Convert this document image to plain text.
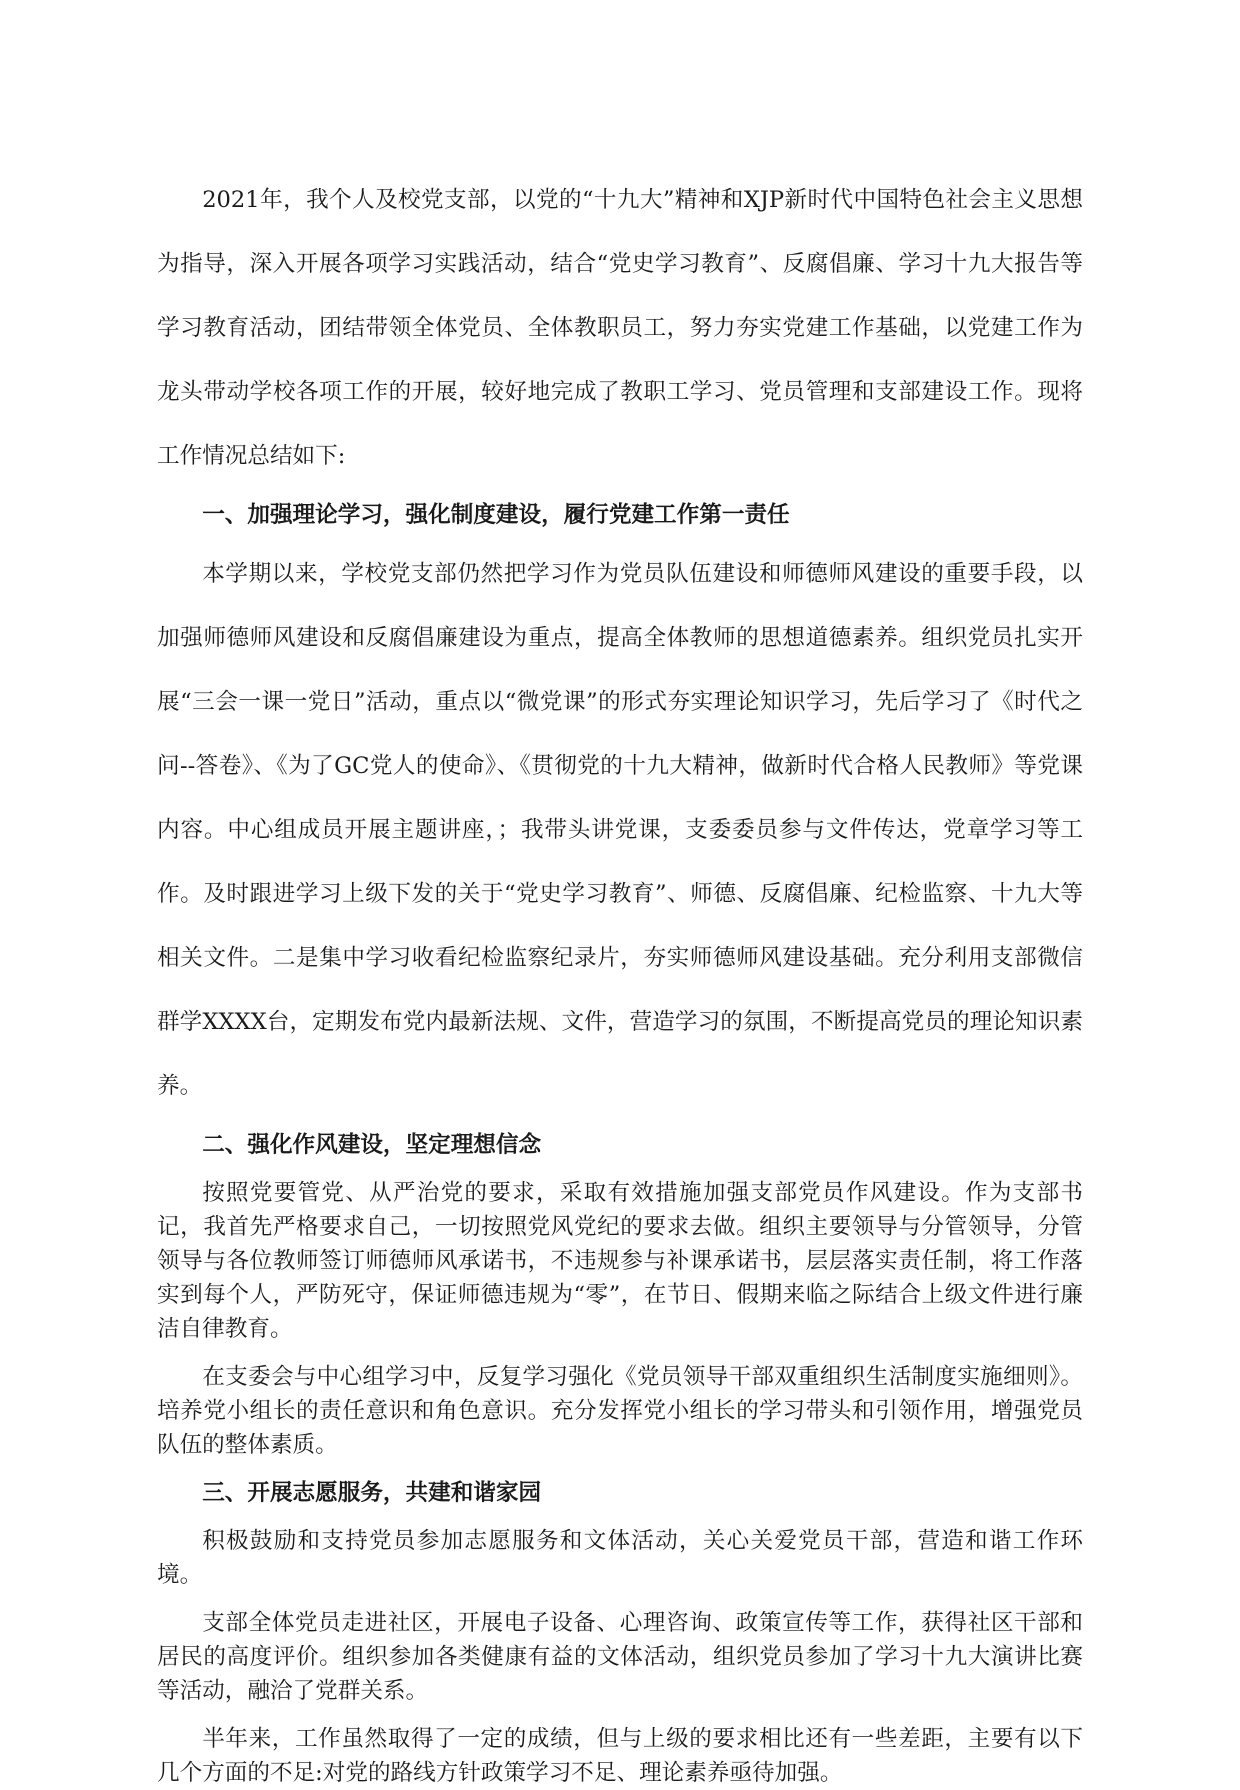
2021年，我个人及校党支部，以党的“十九大”精神和XJP新时代中国特色社会主义思想为指导，深入开展各项学习实践活动，结合“党史学习教育”、反腐倡廉、学习十九大报告等学习教育活动，团结带领全体党员、全体教职员工，努力夯实党建工作基础，以党建工作为龙头带动学校各项工作的开展，较好地完成了教职工学习、党员管理和支部建设工作。现将工作情况总结如下:

一、加强理论学习，强化制度建设，履行党建工作第一责任

本学期以来，学校党支部仍然把学习作为党员队伍建设和师德师风建设的重要手段，以加强师德师风建设和反腐倡廉建设为重点，提高全体教师的思想道德素养。组织党员扎实开展“三会一课一党日”活动，重点以“微党课”的形式夯实理论知识学习，先后学习了《时代之问--答卷》、《为了GC党人的使命》、《贯彻党的十九大精神，做新时代合格人民教师》等党课内容。中心组成员开展主题讲座，；我带头讲党课，支委委员参与文件传达，党章学习等工作。及时跟进学习上级下发的关于“党史学习教育”、师德、反腐倡廉、纪检监察、十九大等相关文件。二是集中学习收看纪检监察纪录片，夯实师德师风建设基础。充分利用支部微信群学XXXX台，定期发布党内最新法规、文件，营造学习的氛围，不断提高党员的理论知识素养。

二、强化作风建设，坚定理想信念

按照党要管党、从严治党的要求，采取有效措施加强支部党员作风建设。作为支部书记，我首先严格要求自己，一切按照党风党纪的要求去做。组织主要领导与分管领导，分管领导与各位教师签订师德师风承诺书，不违规参与补课承诺书，层层落实责任制，将工作落实到每个人，严防死守，保证师德违规为“零”，在节日、假期来临之际结合上级文件进行廉洁自律教育。

在支委会与中心组学习中，反复学习强化《党员领导干部双重组织生活制度实施细则》。培养党小组长的责任意识和角色意识。充分发挥党小组长的学习带头和引领作用，增强党员队伍的整体素质。

三、开展志愿服务，共建和谐家园

积极鼓励和支持党员参加志愿服务和文体活动，关心关爱党员干部，营造和谐工作环境。

支部全体党员走进社区，开展电子设备、心理咨询、政策宣传等工作，获得社区干部和居民的高度评价。组织参加各类健康有益的文体活动，组织党员参加了学习十九大演讲比赛等活动，融洽了党群关系。

半年来，工作虽然取得了一定的成绩，但与上级的要求相比还有一些差距，主要有以下几个方面的不足:对党的路线方针政策学习不足、理论素养亟待加强。
